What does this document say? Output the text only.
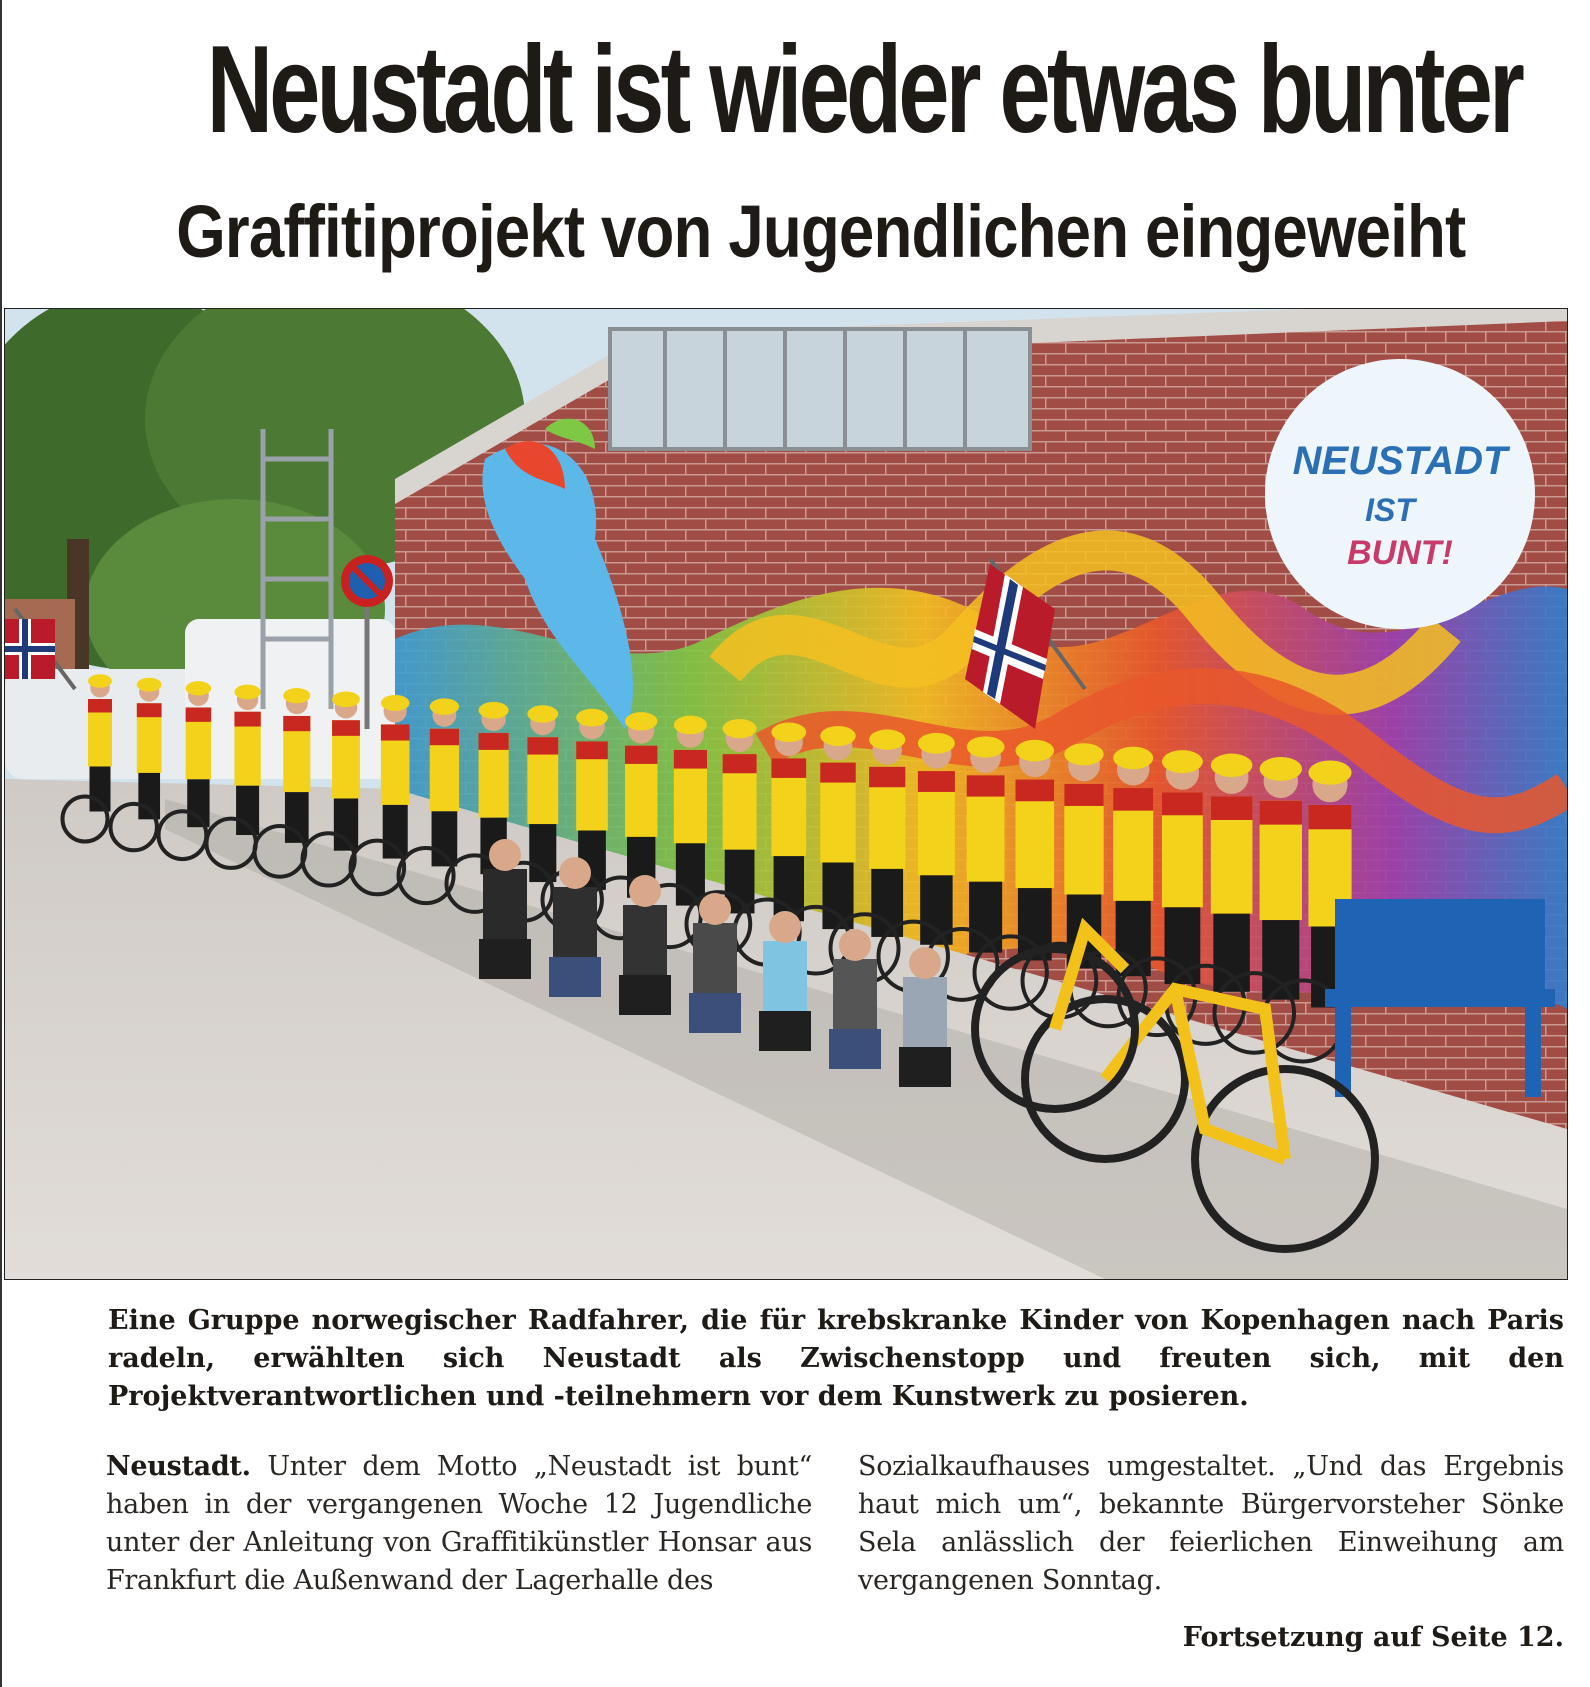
Neustadt ist wieder etwas bunter
Graffitiprojekt von Jugendlichen eingeweiht
NEUSTADT
IST
BUNT!
Eine Gruppe norwegischer Radfahrer, die für krebskranke Kinder von Kopenhagen nach Paris radeln, erwählten sich Neustadt als Zwischenstopp und freuten sich, mit den Projektverantwortlichen und -teilnehmern vor dem Kunstwerk zu posieren.
Neustadt. Unter dem Motto „Neustadt ist bunt“ haben in der vergangenen Woche 12 Jugendliche unter der Anleitung von Graffitikünstler Honsar aus Frankfurt die Außenwand der Lagerhalle des
Sozialkaufhauses umgestaltet. „Und das Ergebnis haut mich um“, bekannte Bürgervorsteher Sönke Sela anlässlich der feierlichen Einweihung am vergangenen Sonntag.
Fortsetzung auf Seite 12.
